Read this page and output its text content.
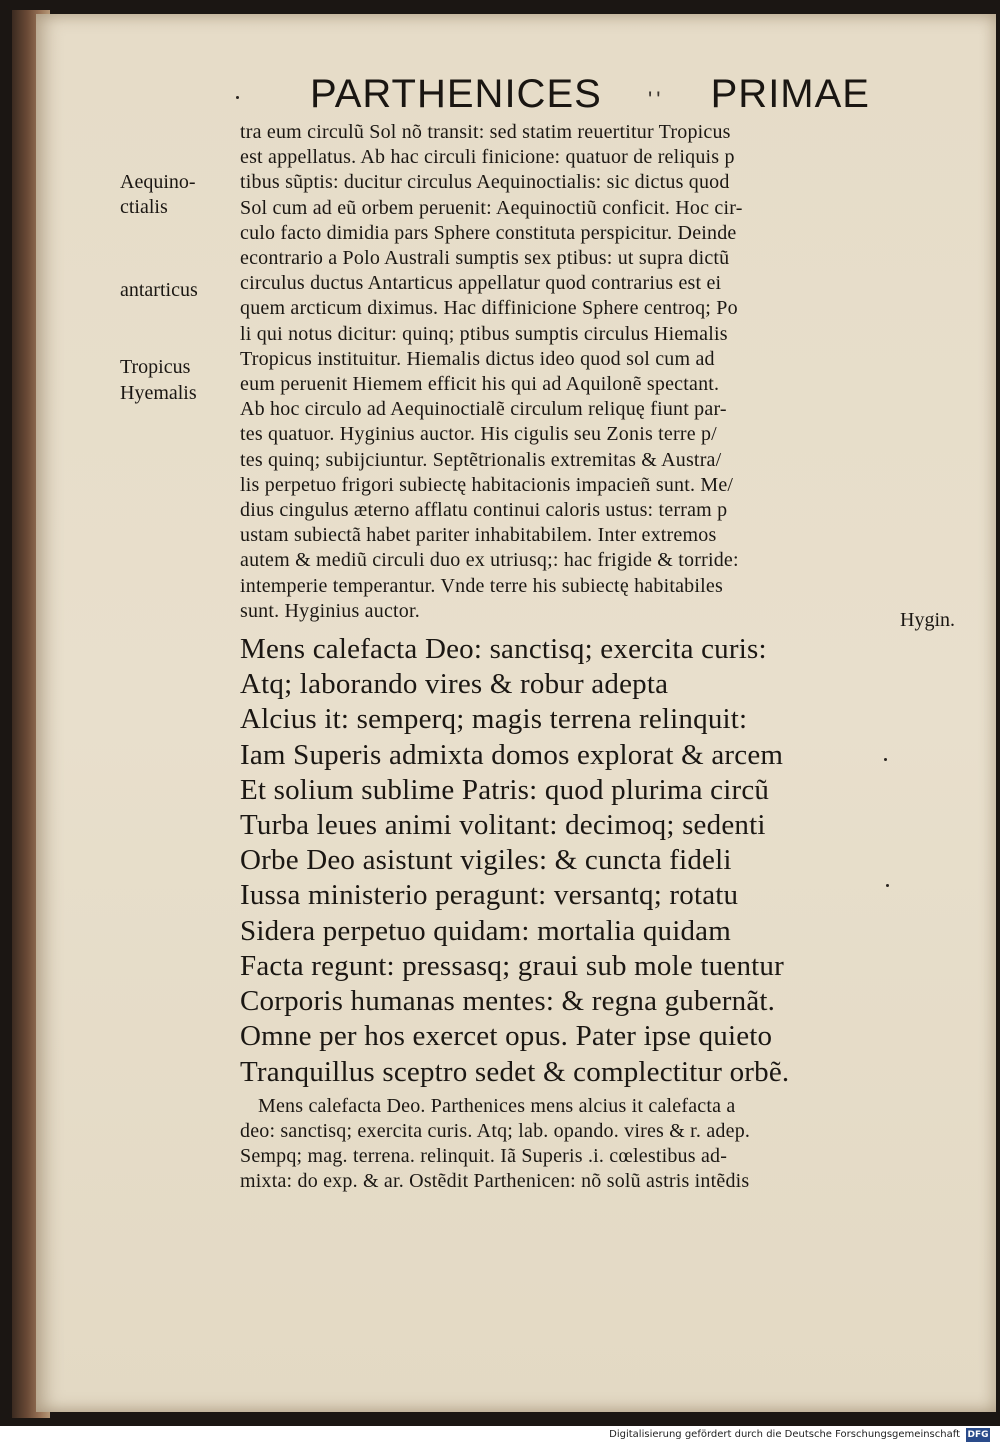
PARTHENICES '' PRIMAE
Aequino-
ctialis
antarticus
Tropicus
Hyemalis
Hygin.
tra eum circulũ Sol nõ transit: sed statim reuertitur Tropicus
est appellatus. Ab hac circuli finicione: quatuor de reliquis p
tibus sũptis: ducitur circulus Aequinoctialis: sic dictus quod
Sol cum ad eũ orbem peruenit: Aequinoctiũ conficit. Hoc cir-
culo facto dimidia pars Sphere constituta perspicitur. Deinde
econtrario a Polo Australi sumptis sex ptibus: ut supra dictũ
circulus ductus Antarticus appellatur quod contrarius est ei
quem arcticum diximus. Hac diffinicione Sphere centroq; Po
li qui notus dicitur: quinq; ptibus sumptis circulus Hiemalis
Tropicus instituitur. Hiemalis dictus ideo quod sol cum ad
eum peruenit Hiemem efficit his qui ad Aquilonẽ spectant.
Ab hoc circulo ad Aequinoctialẽ circulum reliquę fiunt par-
tes quatuor. Hyginius auctor. His cigulis seu Zonis terre p/
tes quinq; subijciuntur. Septẽtrionalis extremitas & Austra/
lis perpetuo frigori subiectę habitacionis impacieñ sunt. Me/
dius cingulus æterno afflatu continui caloris ustus: terram p
ustam subiectã habet pariter inhabitabilem. Inter extremos
autem & mediũ circuli duo ex utriusq;: hac frigide & torride:
intemperie temperantur. Vnde terre his subiectę habitabiles
sunt. Hyginius auctor.
Mens calefacta Deo: sanctisq; exercita curis:
Atq; laborando vires & robur adepta
Alcius it: semperq; magis terrena relinquit:
Iam Superis admixta domos explorat & arcem
Et solium sublime Patris: quod plurima circũ
Turba leues animi volitant: decimoq; sedenti
Orbe Deo asistunt vigiles: & cuncta fideli
Iussa ministerio peragunt: versantq; rotatu
Sidera perpetuo quidam: mortalia quidam
Facta regunt: pressasq; graui sub mole tuentur
Corporis humanas mentes: & regna gubernãt.
Omne per hos exercet opus. Pater ipse quieto
Tranquillus sceptro sedet & complectitur orbẽ.
Mens calefacta Deo. Parthenices mens alcius it calefacta a
deo: sanctisq; exercita curis. Atq; lab. opando. vires & r. adep.
Sempq; mag. terrena. relinquit. Iã Superis .i. cœlestibus ad-
mixta: do exp. & ar. Ostẽdit Parthenicen: nõ solũ astris intẽdis
Digitalisierung gefördert durch die Deutsche Forschungsgemeinschaft DFG
